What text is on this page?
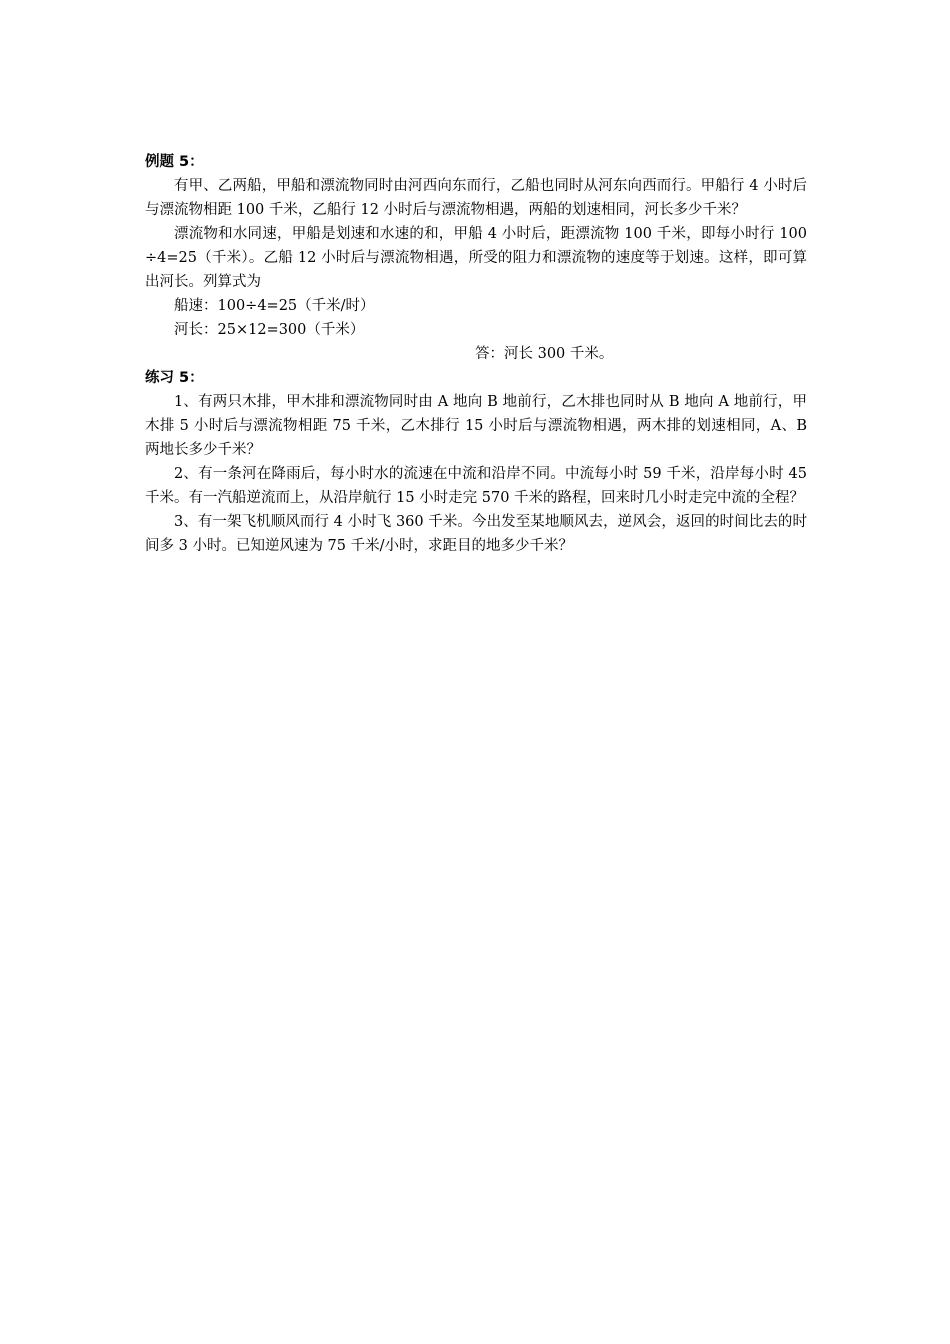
例题 5：

有甲、乙两船，甲船和漂流物同时由河西向东而行，乙船也同时从河东向西而行。甲船行 4 小时后与漂流物相距 100 千米，乙船行 12 小时后与漂流物相遇，两船的划速相同，河长多少千米？

漂流物和水同速，甲船是划速和水速的和，甲船 4 小时后，距漂流物 100 千米，即每小时行 100÷4=25（千米）。乙船 12 小时后与漂流物相遇，所受的阻力和漂流物的速度等于划速。这样，即可算出河长。列算式为

船速：100÷4=25（千米/时）

河长：25×12=300（千米）

答：河长 300 千米。

练习 5：

1、有两只木排，甲木排和漂流物同时由 A 地向 B 地前行，乙木排也同时从 B 地向 A 地前行，甲木排 5 小时后与漂流物相距 75 千米，乙木排行 15 小时后与漂流物相遇，两木排的划速相同，A、B 两地长多少千米？

2、有一条河在降雨后，每小时水的流速在中流和沿岸不同。中流每小时 59 千米，沿岸每小时 45 千米。有一汽船逆流而上，从沿岸航行 15 小时走完 570 千米的路程，回来时几小时走完中流的全程？

3、有一架飞机顺风而行 4 小时飞 360 千米。今出发至某地顺风去，逆风会，返回的时间比去的时间多 3 小时。已知逆风速为 75 千米/小时，求距目的地多少千米？
